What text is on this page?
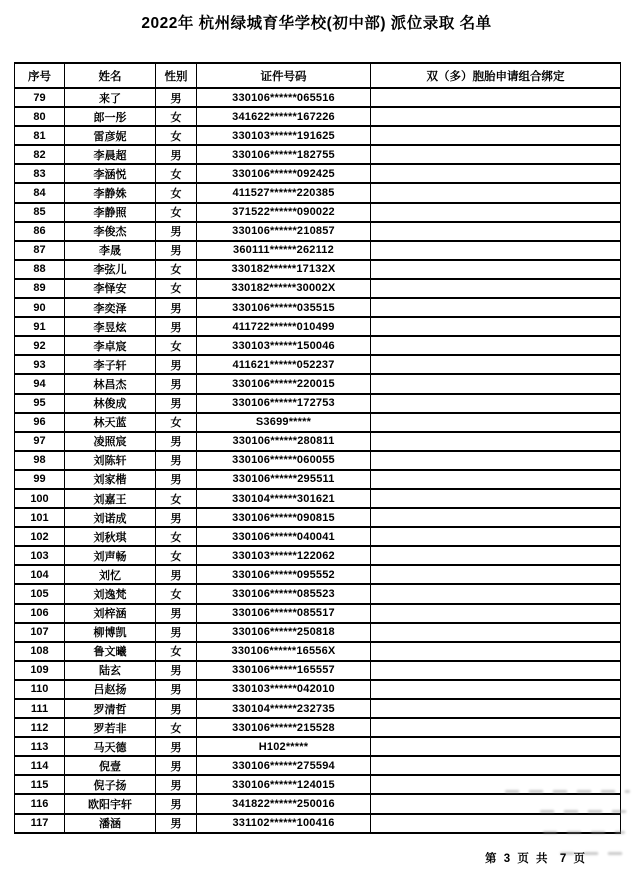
2022年 杭州绿城育华学校(初中部) 派位录取 名单
序号	姓名	性别	证件号码	双（多）胞胎申请组合绑定
79	来了	男	330106******065516	
80	郎一彤	女	341622******167226	
81	雷彦妮	女	330103******191625	
82	李晨超	男	330106******182755	
83	李涵悦	女	330106******092425	
84	李静姝	女	411527******220385	
85	李静照	女	371522******090022	
86	李俊杰	男	330106******210857	
87	李晟	男	360111******262112	
88	李弦儿	女	330182******17132X	
89	李怿安	女	330182******30002X	
90	李奕泽	男	330106******035515	
91	李昱炫	男	411722******010499	
92	李卓宸	女	330103******150046	
93	李子轩	男	411621******052237	
94	林昌杰	男	330106******220015	
95	林俊成	男	330106******172753	
96	林天蓝	女	S3699*****	
97	凌照宸	男	330106******280811	
98	刘陈轩	男	330106******060055	
99	刘家楷	男	330106******295511	
100	刘嘉王	女	330104******301621	
101	刘诺成	男	330106******090815	
102	刘秋琪	女	330106******040041	
103	刘声畅	女	330103******122062	
104	刘忆	男	330106******095552	
105	刘逸梵	女	330106******085523	
106	刘梓涵	男	330106******085517	
107	柳博凯	男	330106******250818	
108	鲁文曦	女	330106******16556X	
109	陆玄	男	330106******165557	
110	吕赵扬	男	330103******042010	
111	罗清哲	男	330104******232735	
112	罗若非	女	330106******215528	
113	马天德	男	H102*****	
114	倪壹	男	330106******275594	
115	倪子扬	男	330106******124015	
116	欧阳宇轩	男	341822******250016	
117	潘涵	男	331102******100416	
第 3 页 共  7 页
